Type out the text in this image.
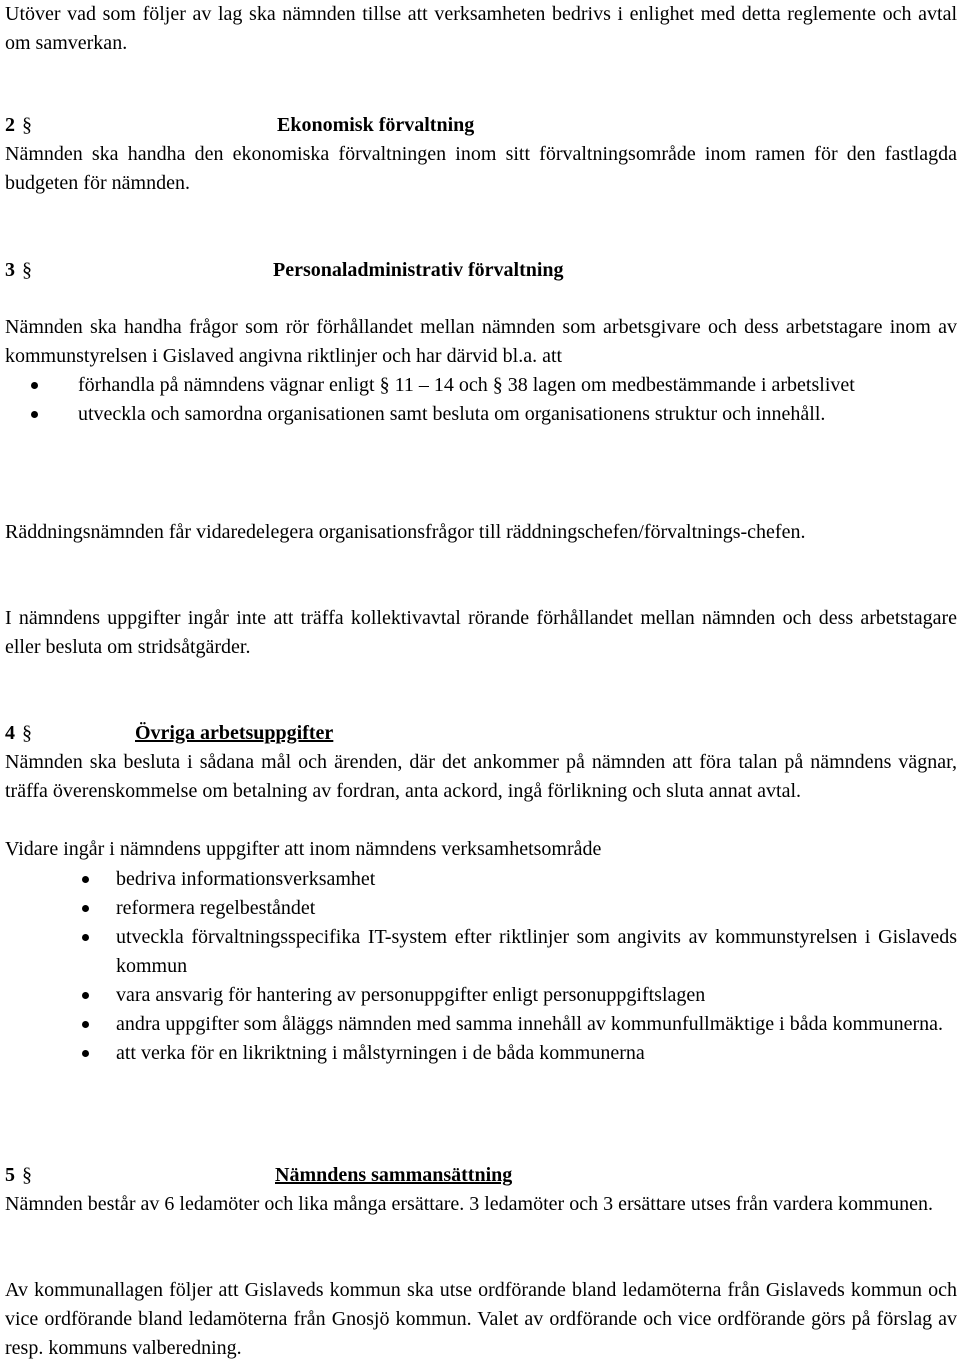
Utöver vad som följer av lag ska nämnden tillse att verksamheten bedrivs i enlighet med detta reglemente och avtal om samverkan.

2 §	Ekonomisk förvaltning

Nämnden ska handha den ekonomiska förvaltningen inom sitt förvaltningsområde inom ramen för den fastlagda budgeten för nämnden.

3 §	Personaladministrativ förvaltning

Nämnden ska handha frågor som rör förhållandet mellan nämnden som arbetsgivare och dess arbetstagare inom av kommunstyrelsen i Gislaved angivna riktlinjer och har därvid bl.a. att

förhandla på nämndens vägnar enligt § 11 – 14 och § 38 lagen om medbestämmande i arbetslivet
utveckla och samordna organisationen samt besluta om organisationens struktur och innehåll.

Räddningsnämnden får vidaredelegera organisationsfrågor till räddningschefen/förvaltnings-chefen.

I nämndens uppgifter ingår inte att träffa kollektivavtal rörande förhållandet mellan nämnden och dess arbetstagare eller besluta om stridsåtgärder.

4 §	Övriga arbetsuppgifter

Nämnden ska besluta i sådana mål och ärenden, där det ankommer på nämnden att föra talan på nämndens vägnar, träffa överenskommelse om betalning av fordran, anta ackord, ingå förlikning och sluta annat avtal.

Vidare ingår i nämndens uppgifter att inom nämndens verksamhetsområde

bedriva informationsverksamhet
reformera regelbeståndet
utveckla förvaltningsspecifika IT-system efter riktlinjer som angivits av kommunstyrelsen i Gislaveds kommun
vara ansvarig för hantering av personuppgifter enligt personuppgiftslagen
andra uppgifter som åläggs nämnden med samma innehåll av kommunfullmäktige i båda kommunerna.
att verka för en likriktning i målstyrningen i de båda kommunerna
5 §	Nämndens sammansättning

Nämnden består av 6 ledamöter och lika många ersättare. 3 ledamöter och 3 ersättare utses från vardera kommunen.

Av kommunallagen följer att Gislaveds kommun ska utse ordförande bland ledamöterna från Gislaveds kommun och vice ordförande bland ledamöterna från Gnosjö kommun. Valet av ordförande och vice ordförande görs på förslag av resp. kommuns valberedning.
